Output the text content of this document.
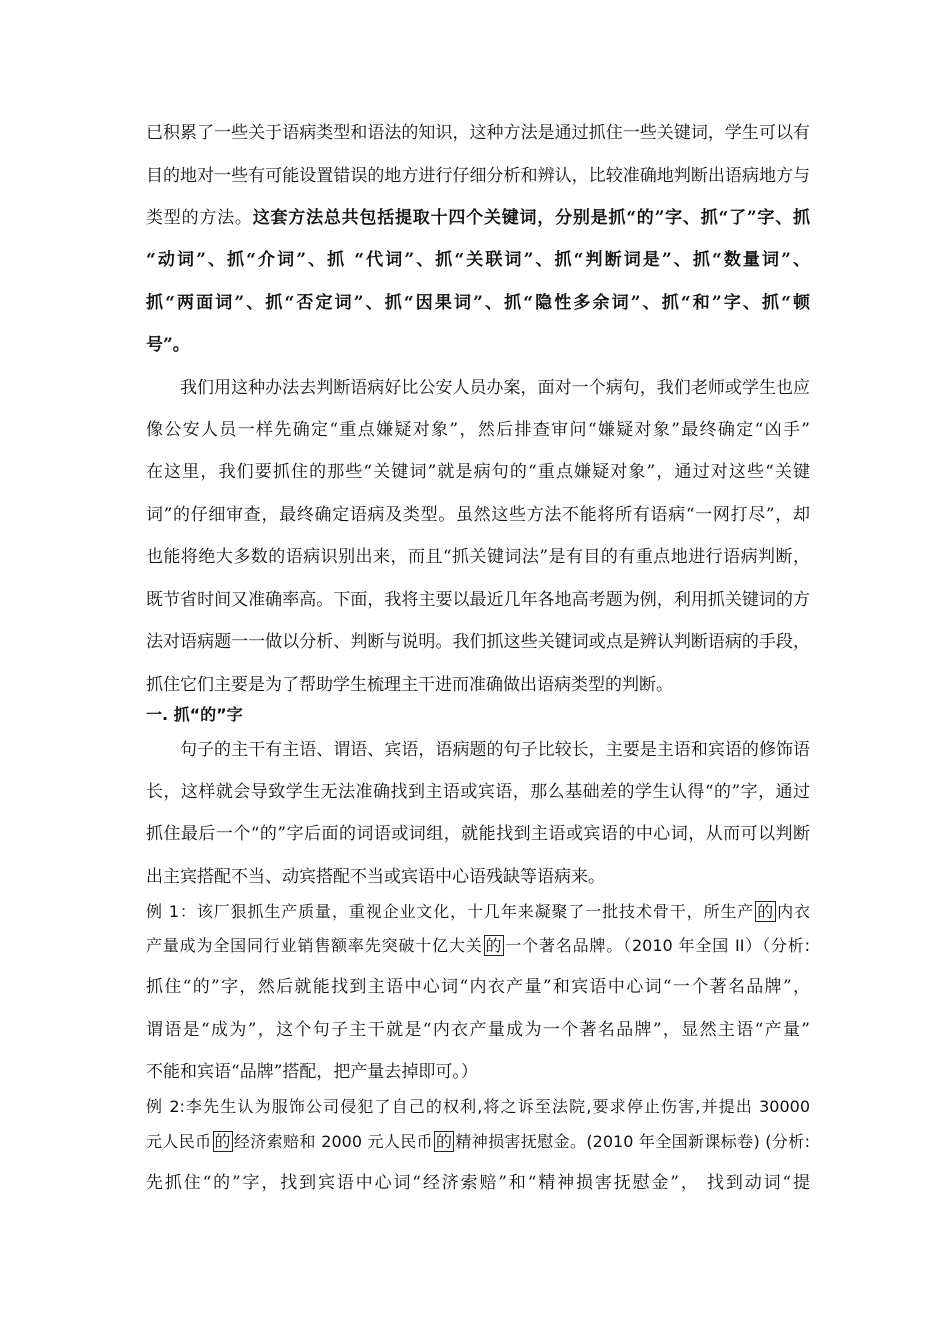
已积累了一些关于语病类型和语法的知识，这种方法是通过抓住一些关键词，学生可以有
目的地对一些有可能设置错误的地方进行仔细分析和辨认，比较准确地判断出语病地方与
类型的方法。这套方法总共包括提取十四个关键词，分别是抓“的”字、抓“了”字、抓
“动词”、抓“介词”、抓 “代词”、抓“关联词”、抓“判断词是”、抓“数量词”、
抓“两面词”、抓“否定词”、抓“因果词”、抓“隐性多余词”、抓“和”字、抓“顿
号”。
我们用这种办法去判断语病好比公安人员办案，面对一个病句，我们老师或学生也应
像公安人员一样先确定“重点嫌疑对象”，然后排查审问“嫌疑对象”最终确定“凶手”
在这里，我们要抓住的那些“关键词”就是病句的“重点嫌疑对象”，通过对这些“关键
词”的仔细审查，最终确定语病及类型。虽然这些方法不能将所有语病“一网打尽”，却
也能将绝大多数的语病识别出来，而且“抓关键词法”是有目的有重点地进行语病判断，
既节省时间又准确率高。下面，我将主要以最近几年各地高考题为例，利用抓关键词的方
法对语病题一一做以分析、判断与说明。我们抓这些关键词或点是辨认判断语病的手段，
抓住它们主要是为了帮助学生梳理主干进而准确做出语病类型的判断。
一. 抓“的”字
句子的主干有主语、谓语、宾语，语病题的句子比较长，主要是主语和宾语的修饰语
长，这样就会导致学生无法准确找到主语或宾语，那么基础差的学生认得“的”字，通过
抓住最后一个“的”字后面的词语或词组，就能找到主语或宾语的中心词，从而可以判断
出主宾搭配不当、动宾搭配不当或宾语中心语残缺等语病来。
例 1：该厂狠抓生产质量，重视企业文化，十几年来凝聚了一批技术骨干，所生产 的 内衣
产量成为全国同行业销售额率先突破十亿大关 的 一个著名品牌。（2010 年全国 II）（分析:
抓住“的”字，然后就能找到主语中心词“内衣产量”和宾语中心词“一个著名品牌”，
谓语是“成为”，这个句子主干就是“内衣产量成为一个著名品牌”，显然主语“产量”
不能和宾语“品牌”搭配，把产量去掉即可。）
例 2:李先生认为服饰公司侵犯了自己的权利,将之诉至法院,要求停止伤害,并提出 30000
元人民币 的 经济索赔和 2000 元人民币 的 精神损害抚慰金。(2010 年全国新课标卷) (分析:
先抓住“的”字，找到宾语中心词“经济索赔”和“精神损害抚慰金”， 找到动词“提
